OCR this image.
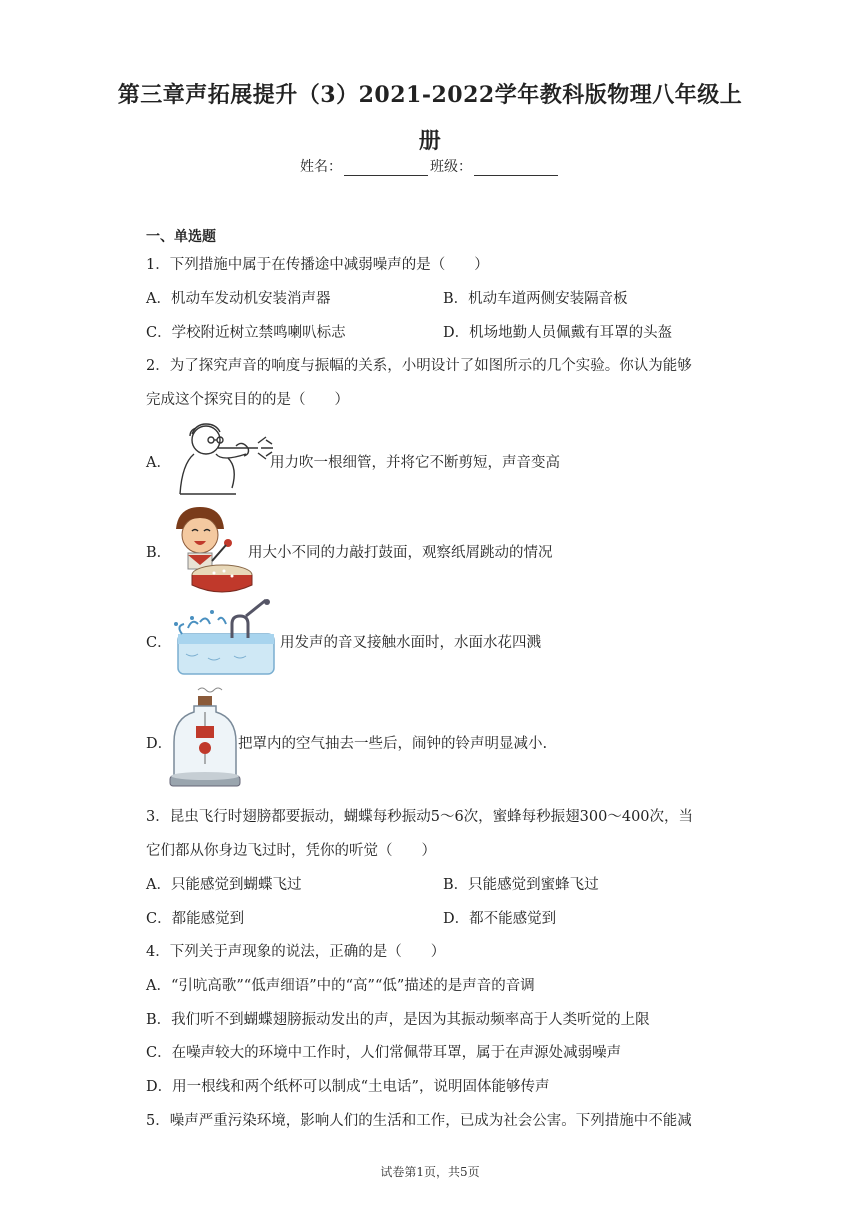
第三章声拓展提升（3）2021-2022学年教科版物理八年级上
册
姓名：	班级：
一、单选题
1．下列措施中属于在传播途中减弱噪声的是（　　）
A．机动车发动机安装消声器	B．机动车道两侧安装隔音板
C．学校附近树立禁鸣喇叭标志	D．机场地勤人员佩戴有耳罩的头盔
2．为了探究声音的响度与振幅的关系，小明设计了如图所示的几个实验。你认为能够
完成这个探究目的的是（　　）
A．	用力吹一根细管，并将它不断剪短，声音变高
B．	用大小不同的力敲打鼓面，观察纸屑跳动的情况
C．	用发声的音叉接触水面时，水面水花四溅
D．	把罩内的空气抽去一些后，闹钟的铃声明显减小.
3．昆虫飞行时翅膀都要振动，蝴蝶每秒振动5～6次，蜜蜂每秒振翅300～400次，当
它们都从你身边飞过时，凭你的听觉（　　）
A．只能感觉到蝴蝶飞过	B．只能感觉到蜜蜂飞过
C．都能感觉到	D．都不能感觉到
4．下列关于声现象的说法，正确的是（　　）
A．“引吭高歌”“低声细语”中的“高”“低”描述的是声音的音调
B．我们听不到蝴蝶翅膀振动发出的声，是因为其振动频率高于人类听觉的上限
C．在噪声较大的环境中工作时，人们常佩带耳罩，属于在声源处减弱噪声
D．用一根线和两个纸杯可以制成“土电话”，说明固体能够传声
5．噪声严重污染环境，影响人们的生活和工作，已成为社会公害。下列措施中不能减
试卷第1页，共5页
